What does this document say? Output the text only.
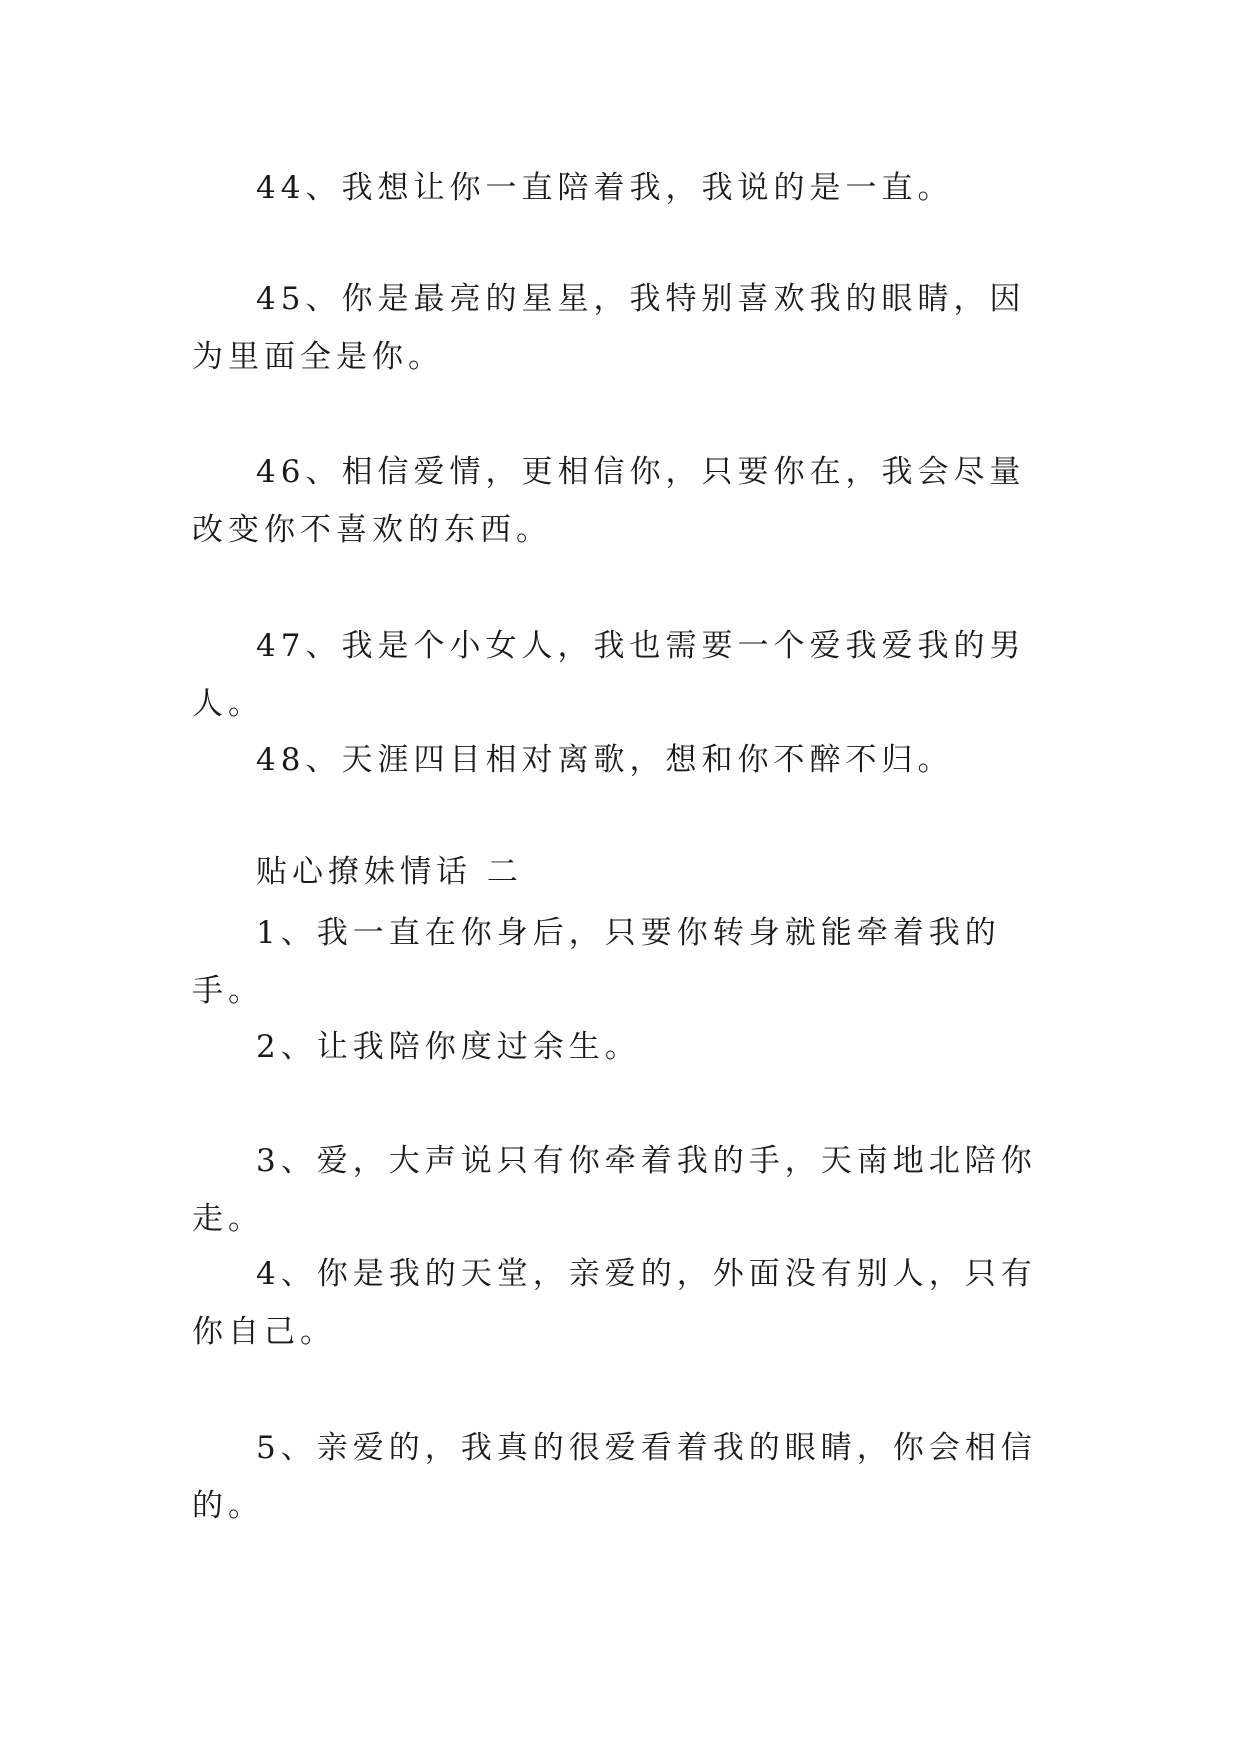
44、我想让你一直陪着我，我说的是一直。

45、你是最亮的星星，我特别喜欢我的眼睛，因为里面全是你。

46、相信爱情，更相信你，只要你在，我会尽量改变你不喜欢的东西。

47、我是个小女人，我也需要一个爱我爱我的男人。

48、天涯四目相对离歌，想和你不醉不归。

贴心撩妹情话 二

1、我一直在你身后，只要你转身就能牵着我的手。

2、让我陪你度过余生。

3、爱，大声说只有你牵着我的手，天南地北陪你走。

4、你是我的天堂，亲爱的，外面没有别人，只有你自己。

5、亲爱的，我真的很爱看着我的眼睛，你会相信的。
